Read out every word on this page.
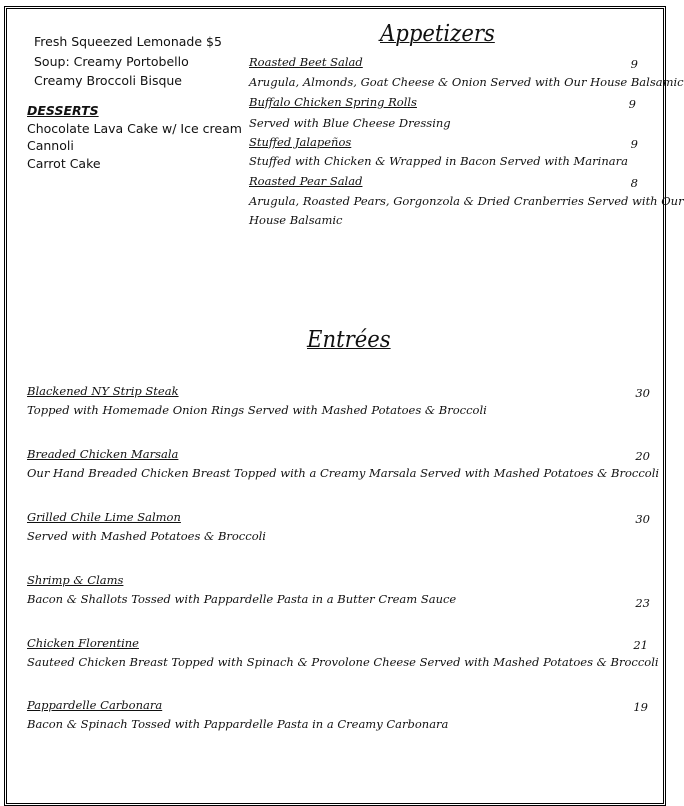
Fresh Squeezed Lemonade $5
Soup: Creamy Portobello
Creamy Broccoli Bisque
DESSERTS
Chocolate Lava Cake w/ Ice cream
Cannoli
Carrot Cake
Appetizers
Roasted Beet Salad	9
Arugula, Almonds, Goat Cheese & Onion Served with Our House Balsamic
Buffalo Chicken Spring Rolls	9
Served with Blue Cheese Dressing
Stuffed Jalapeños	9
Stuffed with Chicken & Wrapped in Bacon Served with Marinara
Roasted Pear Salad	8
Arugula, Roasted Pears, Gorgonzola & Dried Cranberries Served with Our
House Balsamic
Entrées
Blackened NY Strip Steak	30
Topped with Homemade Onion Rings Served with Mashed Potatoes & Broccoli
Breaded Chicken Marsala	20
Our Hand Breaded Chicken Breast Topped with a Creamy Marsala Served with Mashed Potatoes & Broccoli
Grilled Chile Lime Salmon	30
Served with Mashed Potatoes & Broccoli
Shrimp & Clams
23
Bacon & Shallots Tossed with Pappardelle Pasta in a Butter Cream Sauce
Chicken Florentine	21
Sauteed Chicken Breast Topped with Spinach & Provolone Cheese Served with Mashed Potatoes & Broccoli
Pappardelle Carbonara	19
Bacon & Spinach Tossed with Pappardelle Pasta in a Creamy Carbonara
